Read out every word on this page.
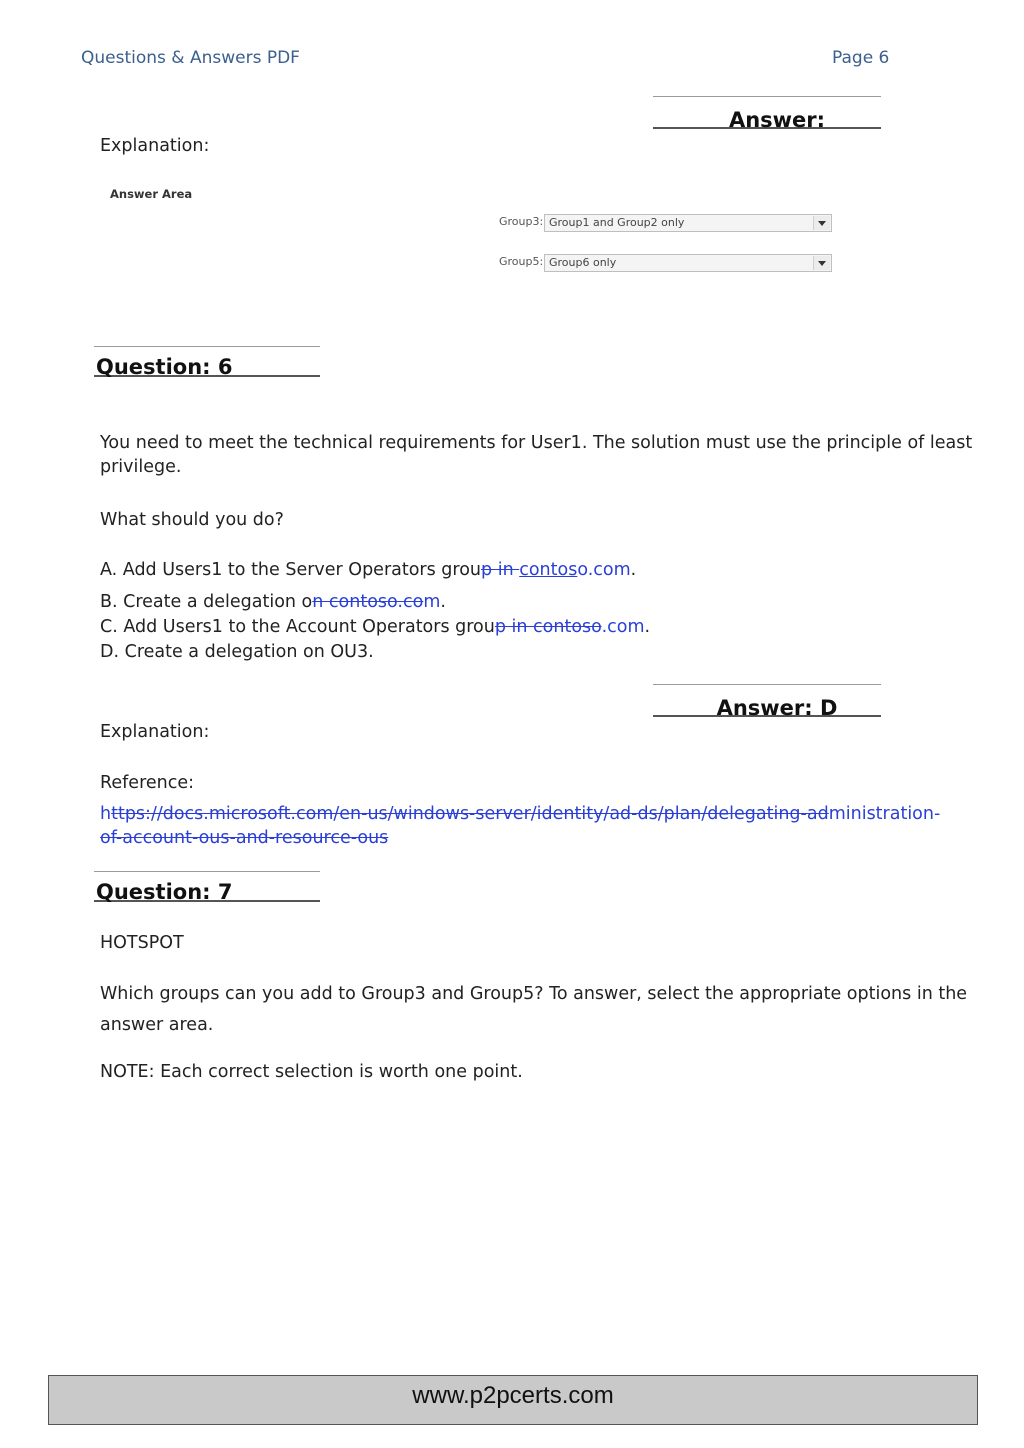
Questions & Answers PDF	Page 6
Answer:
Explanation:
Answer Area
Group3: Group1 and Group2 only
Group5: Group6 only
Question: 6
You need to meet the technical requirements for User1. The solution must use the principle of least
privilege.
What should you do?
A. Add Users1 to the Server Operators group in contoso.com.
B. Create a delegation on contoso.com.
C. Add Users1 to the Account Operators group in contoso.com.
D. Create a delegation on OU3.
Answer: D
Explanation:
Reference:
https://docs.microsoft.com/en-us/windows-server/identity/ad-ds/plan/delegating-administration-
of-account-ous-and-resource-ous
Question: 7
HOTSPOT
Which groups can you add to Group3 and Group5? To answer, select the appropriate options in the
answer area.
NOTE: Each correct selection is worth one point.
www.p2pcerts.com
